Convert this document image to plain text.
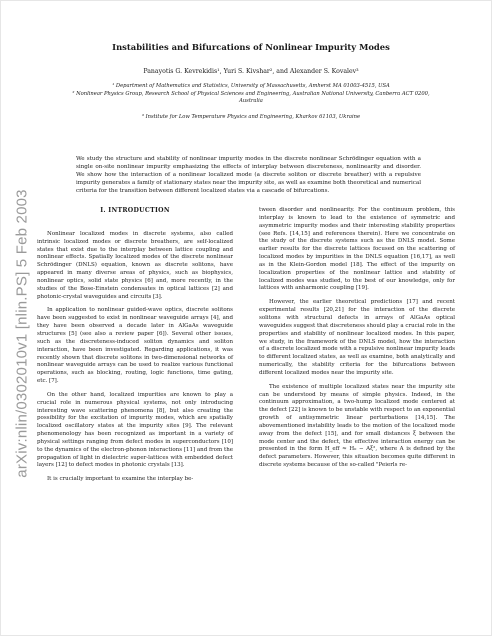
arXiv:nlin/0302010v1 [nlin.PS] 5 Feb 2003
Instabilities and Bifurcations of Nonlinear Impurity Modes
Panayotis G. Kevrekidis¹, Yuri S. Kivshar², and Alexander S. Kovalev³
¹ Department of Mathematics and Statistics, University of Massachusetts, Amherst MA 01003-4515, USA
² Nonlinear Physics Group, Research School of Physical Sciences and Engineering, Australian National University, Canberra ACT 0200, Australia
³ Institute for Low Temperature Physics and Engineering, Kharkov 61103, Ukraine
We study the structure and stability of nonlinear impurity modes in the discrete nonlinear Schrödinger equation with a single on-site nonlinear impurity emphasizing the effects of interplay between discreteness, nonlinearity and disorder. We show how the interaction of a nonlinear localized mode (a discrete soliton or discrete breather) with a repulsive impurity generates a family of stationary states near the impurity site, as well as examine both theoretical and numerical criteria for the transition between different localized states via a cascade of bifurcations.
I. INTRODUCTION

Nonlinear localized modes in discrete systems, also called intrinsic localized modes or discrete breathers, are self-localized states that exist due to the interplay between lattice coupling and nonlinear effects. Spatially localized modes of the discrete nonlinear Schrödinger (DNLS) equation, known as discrete solitons, have appeared in many diverse areas of physics, such as biophysics, nonlinear optics, solid state physics [6] and, more recently, in the studies of the Bose-Einstein condensates in optical lattices [2] and photonic-crystal waveguides and circuits [3].

In application to nonlinear guided-wave optics, discrete solitons have been suggested to exist in nonlinear waveguide arrays [4], and they have been observed a decade later in AlGaAs waveguide structures [5] (see also a review paper [6]). Several other issues, such as the discreteness-induced soliton dynamics and soliton interaction, have been investigated. Regarding applications, it was recently shown that discrete solitons in two-dimensional networks of nonlinear waveguide arrays can be used to realize various functional operations, such as blocking, routing, logic functions, time gating, etc. [7].

On the other hand, localized impurities are known to play a crucial role in numerous physical systems, not only introducing interesting wave scattering phenomena [8], but also creating the possibility for the excitation of impurity modes, which are spatially localized oscillatory states at the impurity sites [9]. The relevant phenomenology has been recognized as important in a variety of physical settings ranging from defect modes in superconductors [10] to the dynamics of the electron-phonon interactions [11] and from the propagation of light in dielectric super-lattices with embedded defect layers [12] to defect modes in photonic crystals [13].

It is crucially important to examine the interplay be-

tween disorder and nonlinearity. For the continuum problem, this interplay is known to lead to the existence of symmetric and asymmetric impurity modes and their interesting stability properties (see Refs. [14,15] and references therein). Here we concentrate on the study of the discrete systems such as the DNLS model. Some earlier results for the discrete lattices focused on the scattering of localized modes by impurities in the DNLS equation [16,17], as well as in the Klein-Gordon model [18]. The effect of the impurity on localization properties of the nonlinear lattice and stability of localized modes was studied, to the best of our knowledge, only for lattices with anharmonic coupling [19].

However, the earlier theoretical predictions [17] and recent experimental results [20,21] for the interaction of the discrete solitons with structural defects in arrays of AlGaAs optical waveguides suggest that discreteness should play a crucial role in the properties and stability of nonlinear localized modes. In this paper, we study, in the framework of the DNLS model, how the interaction of a discrete localized mode with a repulsive nonlinear impurity leads to different localized states, as well as examine, both analytically and numerically, the stability criteria for the bifurcations between different localized modes near the impurity site.

The existence of multiple localized states near the impurity site can be understood by means of simple physics. Indeed, in the continuum approximation, a two-hump localized mode centered at the defect [22] is known to be unstable with respect to an exponential growth of antisymmetric linear perturbations [14,15]. The abovementioned instability leads to the motion of the localized mode away from the defect [15], and for small distances ξ between the mode center and the defect, the effective interaction energy can be presented in the form H_eff ≈ H₀ − Aξ², where A is defined by the defect parameters. However, this situation becomes quite different in discrete systems because of the so-called "Peierls re-
